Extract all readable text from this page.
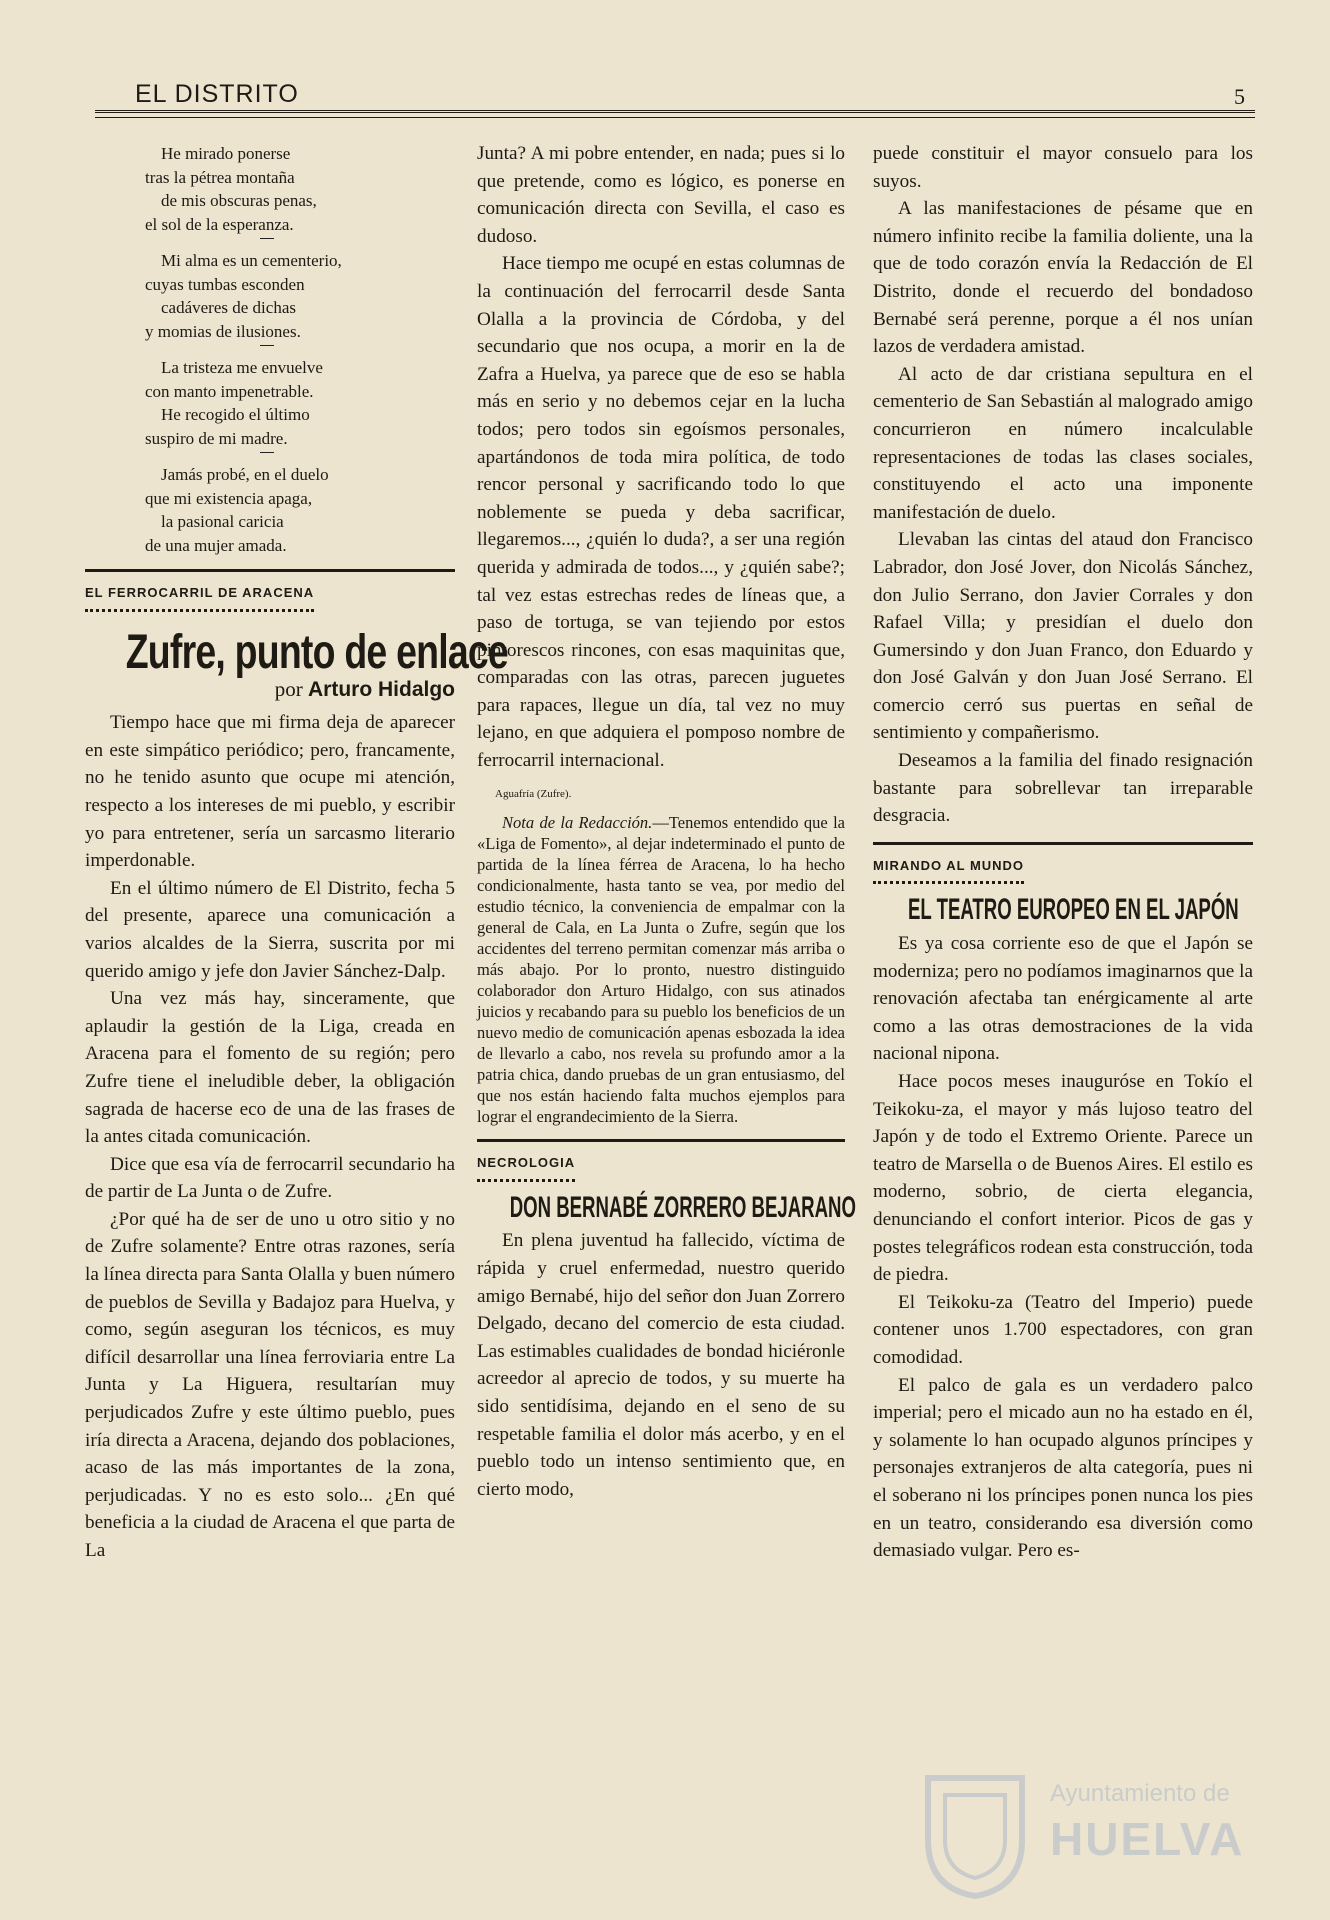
EL DISTRITO	5
He mirado ponerse
tras la pétrea montaña
de mis obscuras penas,
el sol de la esperanza.
Mi alma es un cementerio,
cuyas tumbas esconden
cadáveres de dichas
y momias de ilusiones.
La tristeza me envuelve
con manto impenetrable.
He recogido el último
suspiro de mi madre.
Jamás probé, en el duelo
que mi existencia apaga,
la pasional caricia
de una mujer amada.
EL FERROCARRIL DE ARACENA
Zufre, punto de enlace
por Arturo Hidalgo

Tiempo hace que mi firma deja de aparecer en este simpático periódico; pero, francamente, no he tenido asunto que ocupe mi atención, respecto a los intereses de mi pueblo, y escribir yo para entretener, sería un sarcasmo literario imperdonable.

En el último número de El Distrito, fecha 5 del presente, aparece una comunicación a varios alcaldes de la Sierra, suscrita por mi querido amigo y jefe don Javier Sánchez-Dalp.

Una vez más hay, sinceramente, que aplaudir la gestión de la Liga, creada en Aracena para el fomento de su región; pero Zufre tiene el ineludible deber, la obligación sagrada de hacerse eco de una de las frases de la antes citada comunicación.

Dice que esa vía de ferrocarril secundario ha de partir de La Junta o de Zufre.

¿Por qué ha de ser de uno u otro sitio y no de Zufre solamente? Entre otras razones, sería la línea directa para Santa Olalla y buen número de pueblos de Sevilla y Badajoz para Huelva, y como, según aseguran los técnicos, es muy difícil desarrollar una línea ferroviaria entre La Junta y La Higuera, resultarían muy perjudicados Zufre y este último pueblo, pues iría directa a Aracena, dejando dos poblaciones, acaso de las más importantes de la zona, perjudicadas. Y no es esto solo... ¿En qué beneficia a la ciudad de Aracena el que parta de La

Junta? A mi pobre entender, en nada; pues si lo que pretende, como es lógico, es ponerse en comunicación directa con Sevilla, el caso es dudoso.

Hace tiempo me ocupé en estas columnas de la continuación del ferrocarril desde Santa Olalla a la provincia de Córdoba, y del secundario que nos ocupa, a morir en la de Zafra a Huelva, ya parece que de eso se habla más en serio y no debemos cejar en la lucha todos; pero todos sin egoísmos personales, apartándonos de toda mira política, de todo rencor personal y sacrificando todo lo que noblemente se pueda y deba sacrificar, llegaremos..., ¿quién lo duda?, a ser una región querida y admirada de todos..., y ¿quién sabe?; tal vez estas estrechas redes de líneas que, a paso de tortuga, se van tejiendo por estos pintorescos rincones, con esas maquinitas que, comparadas con las otras, parecen juguetes para rapaces, llegue un día, tal vez no muy lejano, en que adquiera el pomposo nombre de ferrocarril internacional.

Aguafría (Zufre).

Nota de la Redacción.—Tenemos entendido que la «Liga de Fomento», al dejar indeterminado el punto de partida de la línea férrea de Aracena, lo ha hecho condicionalmente, hasta tanto se vea, por medio del estudio técnico, la conveniencia de empalmar con la general de Cala, en La Junta o Zufre, según que los accidentes del terreno permitan comenzar más arriba o más abajo. Por lo pronto, nuestro distinguido colaborador don Arturo Hidalgo, con sus atinados juicios y recabando para su pueblo los beneficios de un nuevo medio de comunicación apenas esbozada la idea de llevarlo a cabo, nos revela su profundo amor a la patria chica, dando pruebas de un gran entusiasmo, del que nos están haciendo falta muchos ejemplos para lograr el engrandecimiento de la Sierra.

NECROLOGIA
DON BERNABÉ ZORRERO BEJARANO

En plena juventud ha fallecido, víctima de rápida y cruel enfermedad, nuestro querido amigo Bernabé, hijo del señor don Juan Zorrero Delgado, decano del comercio de esta ciudad. Las estimables cualidades de bondad hiciéronle acreedor al aprecio de todos, y su muerte ha sido sentidísima, dejando en el seno de su respetable familia el dolor más acerbo, y en el pueblo todo un intenso sentimiento que, en cierto modo,

puede constituir el mayor consuelo para los suyos.

A las manifestaciones de pésame que en número infinito recibe la familia doliente, una la que de todo corazón envía la Redacción de El Distrito, donde el recuerdo del bondadoso Bernabé será perenne, porque a él nos unían lazos de verdadera amistad.

Al acto de dar cristiana sepultura en el cementerio de San Sebastián al malogrado amigo concurrieron en número incalculable representaciones de todas las clases sociales, constituyendo el acto una imponente manifestación de duelo.

Llevaban las cintas del ataud don Francisco Labrador, don José Jover, don Nicolás Sánchez, don Julio Serrano, don Javier Corrales y don Rafael Villa; y presidían el duelo don Gumersindo y don Juan Franco, don Eduardo y don José Galván y don Juan José Serrano. El comercio cerró sus puertas en señal de sentimiento y compañerismo.

Deseamos a la familia del finado resignación bastante para sobrellevar tan irreparable desgracia.

MIRANDO AL MUNDO
EL TEATRO EUROPEO EN EL JAPÓN

Es ya cosa corriente eso de que el Japón se moderniza; pero no podíamos imaginarnos que la renovación afectaba tan enérgicamente al arte como a las otras demostraciones de la vida nacional nipona.

Hace pocos meses inauguróse en Tokío el Teikoku-za, el mayor y más lujoso teatro del Japón y de todo el Extremo Oriente. Parece un teatro de Marsella o de Buenos Aires. El estilo es moderno, sobrio, de cierta elegancia, denunciando el confort interior. Picos de gas y postes telegráficos rodean esta construcción, toda de piedra.

El Teikoku-za (Teatro del Imperio) puede contener unos 1.700 espectadores, con gran comodidad.

El palco de gala es un verdadero palco imperial; pero el micado aun no ha estado en él, y solamente lo han ocupado algunos príncipes y personajes extranjeros de alta categoría, pues ni el soberano ni los príncipes ponen nunca los pies en un teatro, considerando esa diversión como demasiado vulgar. Pero es-

Ayuntamiento de
HUELVA
